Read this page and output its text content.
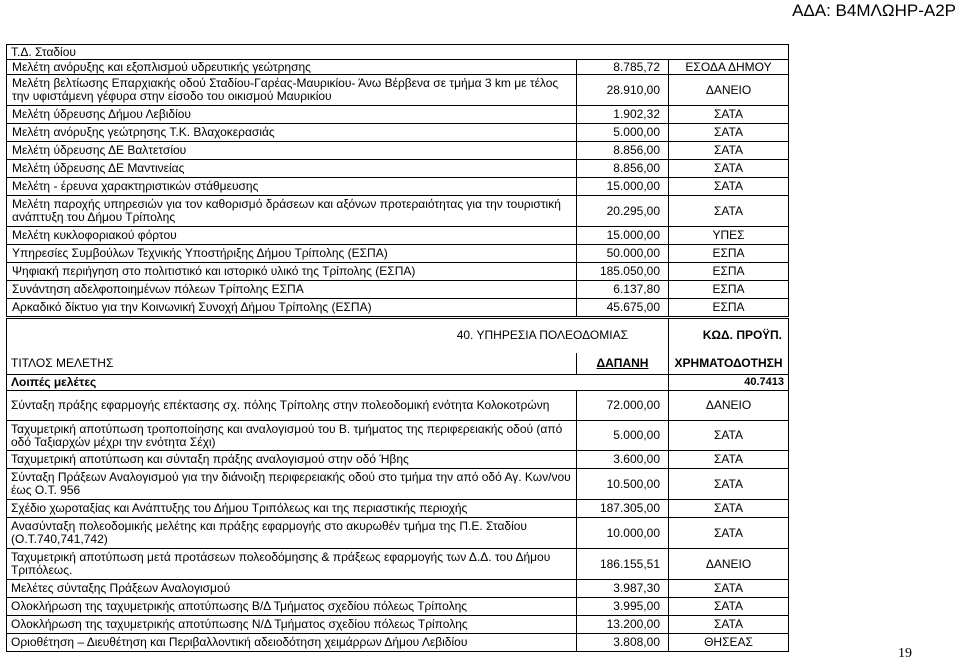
ΑΔΑ: Β4ΜΛΩΗΡ-Α2Ρ
Τ.Δ. Σταδίου		
Μελέτη ανόρυξης και εξοπλισμού υδρευτικής γεώτρησης	8.785,72	ΕΣΟΔΑ ΔΗΜΟΥ
Μελέτη βελτίωσης Επαρχιακής οδού Σταδίου-Γαρέας-Μαυρικίου- Άνω Βέρβενα σε τμήμα 3 km με τέλος την υφιστάμενη γέφυρα στην είσοδο του οικισμού Μαυρικίου	28.910,00	ΔΑΝΕΙΟ
Μελέτη ύδρευσης Δήμου Λεβιδίου	1.902,32	ΣΑΤΑ
Μελέτη ανόρυξης γεώτρησης Τ.Κ. Βλαχοκερασιάς	5.000,00	ΣΑΤΑ
Μελέτη ύδρευσης ΔΕ Βαλτετσίου	8.856,00	ΣΑΤΑ
Μελέτη ύδρευσης ΔΕ Μαντινείας	8.856,00	ΣΑΤΑ
Μελέτη - έρευνα χαρακτηριστικών στάθμευσης	15.000,00	ΣΑΤΑ
Μελέτη παροχής υπηρεσιών για τον καθορισμό δράσεων και αξόνων προτεραιότητας για την τουριστική ανάπτυξη του Δήμου Τρίπολης	20.295,00	ΣΑΤΑ
Μελέτη κυκλοφοριακού φόρτου	15.000,00	ΥΠΕΣ
Υπηρεσίες Συμβούλων Τεχνικής Υποστήριξης Δήμου Τρίπολης (ΕΣΠΑ)	50.000,00	ΕΣΠΑ
Ψηφιακή περιήγηση στο πολιτιστικό και ιστορικό υλικό της Τρίπολης (ΕΣΠΑ)	185.050,00	ΕΣΠΑ
Συνάντηση αδελφοποιημένων πόλεων Τρίπολης ΕΣΠΑ	6.137,80	ΕΣΠΑ
Αρκαδικό δίκτυο για την Κοινωνική Συνοχή Δήμου Τρίπολης (ΕΣΠΑ)	45.675,00	ΕΣΠΑ
40. ΥΠΗΡΕΣΙΑ ΠΟΛΕΟΔΟΜΙΑΣ		ΚΩΔ. ΠΡΟΫΠ.
ΤΙΤΛΟΣ ΜΕΛΕΤΗΣ	ΔΑΠΑΝΗ	ΧΡΗΜΑΤΟΔΟΤΗΣΗ
Λοιπές μελέτες		40.7413
Σύνταξη πράξης εφαρμογής επέκτασης σχ. πόλης Τρίπολης στην πολεοδομική ενότητα Κολοκοτρώνη	72.000,00	ΔΑΝΕΙΟ
Ταχυμετρική αποτύπωση τροποποίησης και αναλογισμού του Β. τμήματος της περιφερειακής οδού (από οδό Ταξιαρχών μέχρι την ενότητα Σέχι)	5.000,00	ΣΑΤΑ
Ταχυμετρική αποτύπωση και σύνταξη πράξης αναλογισμού στην οδό Ήβης	3.600,00	ΣΑΤΑ
Σύνταξη Πράξεων Αναλογισμού για την διάνοιξη περιφερειακής οδού στο τμήμα την από οδό Αγ. Κων/νου έως Ο.Τ. 956	10.500,00	ΣΑΤΑ
Σχέδιο χωροταξίας και Ανάπτυξης του Δήμου Τριπόλεως και της περιαστικής περιοχής	187.305,00	ΣΑΤΑ
Ανασύνταξη πολεοδομικής μελέτης και πράξης εφαρμογής στο ακυρωθέν τμήμα της Π.Ε. Σταδίου (Ο.Τ.740,741,742)	10.000,00	ΣΑΤΑ
Ταχυμετρική αποτύπωση μετά προτάσεων πολεοδόμησης & πράξεως εφαρμογής των Δ.Δ. του Δήμου Τριπόλεως.	186.155,51	ΔΑΝΕΙΟ
Μελέτες σύνταξης Πράξεων Αναλογισμού	3.987,30	ΣΑΤΑ
Ολοκλήρωση της ταχυμετρικής αποτύπωσης Β/Δ Τμήματος σχεδίου πόλεως Τρίπολης	3.995,00	ΣΑΤΑ
Ολοκλήρωση της ταχυμετρικής αποτύπωσης Ν/Δ Τμήματος σχεδίου πόλεως Τρίπολης	13.200,00	ΣΑΤΑ
Οριοθέτηση – Διευθέτηση και Περιβαλλοντική αδειοδότηση χειμάρρων Δήμου Λεβιδίου	3.808,00	ΘΗΣΕΑΣ
19
